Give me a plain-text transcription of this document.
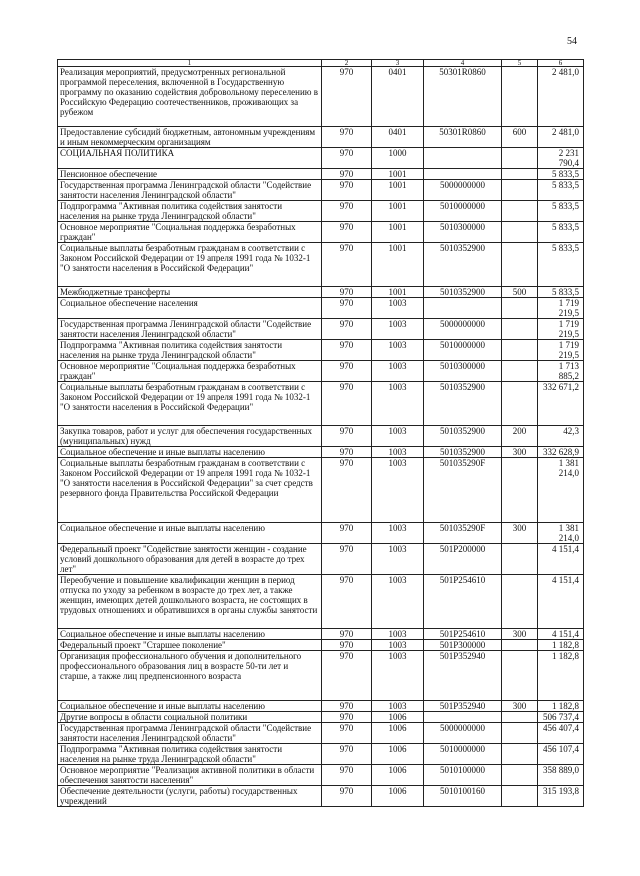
54
1	2	3	4	5	6
Реализация мероприятий, предусмотренных региональной программой переселения, включенной в Государственную программу по оказанию содействия добровольному переселению в Российскую Федерацию соотечественников, проживающих за рубежом	970	0401	50301R0860		2 481,0
Предоставление субсидий бюджетным, автономным учреждениям и иным некоммерческим организациям	970	0401	50301R0860	600	2 481,0
СОЦИАЛЬНАЯ ПОЛИТИКА	970	1000			2 231 790,4
Пенсионное обеспечение	970	1001			5 833,5
Государственная программа Ленинградской области "Содействие занятости населения Ленинградской области"	970	1001	5000000000		5 833,5
Подпрограмма "Активная политика содействия занятости населения на рынке труда Ленинградской области"	970	1001	5010000000		5 833,5
Основное мероприятие "Социальная поддержка безработных граждан"	970	1001	5010300000		5 833,5
Социальные выплаты безработным гражданам в соответствии с Законом Российской Федерации от 19 апреля 1991 года № 1032-1 "О занятости населения в Российской Федерации"	970	1001	5010352900		5 833,5
Межбюджетные трансферты	970	1001	5010352900	500	5 833,5
Социальное обеспечение населения	970	1003			1 719 219,5
Государственная программа Ленинградской области "Содействие занятости населения Ленинградской области"	970	1003	5000000000		1 719 219,5
Подпрограмма "Активная политика содействия занятости населения на рынке труда Ленинградской области"	970	1003	5010000000		1 719 219,5
Основное мероприятие "Социальная поддержка безработных граждан"	970	1003	5010300000		1 713 885,2
Социальные выплаты безработным гражданам в соответствии с Законом Российской Федерации от 19 апреля 1991 года № 1032-1 "О занятости населения в Российской Федерации"	970	1003	5010352900		332 671,2
Закупка товаров, работ и услуг для обеспечения государственных (муниципальных) нужд	970	1003	5010352900	200	42,3
Социальное обеспечение и иные выплаты населению	970	1003	5010352900	300	332 628,9
Социальные выплаты безработным гражданам в соответствии с Законом Российской Федерации от 19 апреля 1991 года № 1032-1 "О занятости населения в Российской Федерации" за счет средств резервного фонда Правительства Российской Федерации	970	1003	501035290F		1 381 214,0
Социальное обеспечение и иные выплаты населению	970	1003	501035290F	300	1 381 214,0
Федеральный проект "Содействие занятости женщин - создание условий дошкольного образования для детей в возрасте до трех лет"	970	1003	501P200000		4 151,4
Переобучение и повышение квалификации женщин в период отпуска по уходу за ребенком в возрасте до трех лет, а также женщин, имеющих детей дошкольного возраста, не состоящих в трудовых отношениях и обратившихся в органы службы занятости	970	1003	501P254610		4 151,4
Социальное обеспечение и иные выплаты населению	970	1003	501P254610	300	4 151,4
Федеральный проект "Старшее поколение"	970	1003	501P300000		1 182,8
Организация профессионального обучения и дополнительного профессионального образования лиц в возрасте 50-ти лет и старше, а также лиц предпенсионного возраста	970	1003	501P352940		1 182,8
Социальное обеспечение и иные выплаты населению	970	1003	501P352940	300	1 182,8
Другие вопросы в области социальной политики	970	1006			506 737,4
Государственная программа Ленинградской области "Содействие занятости населения Ленинградской области"	970	1006	5000000000		456 407,4
Подпрограмма "Активная политика содействия занятости населения на рынке труда Ленинградской области"	970	1006	5010000000		456 107,4
Основное мероприятие "Реализация активной политики в области обеспечения занятости населения"	970	1006	5010100000		358 889,0
Обеспечение деятельности (услуги, работы) государственных учреждений	970	1006	5010100160		315 193,8
